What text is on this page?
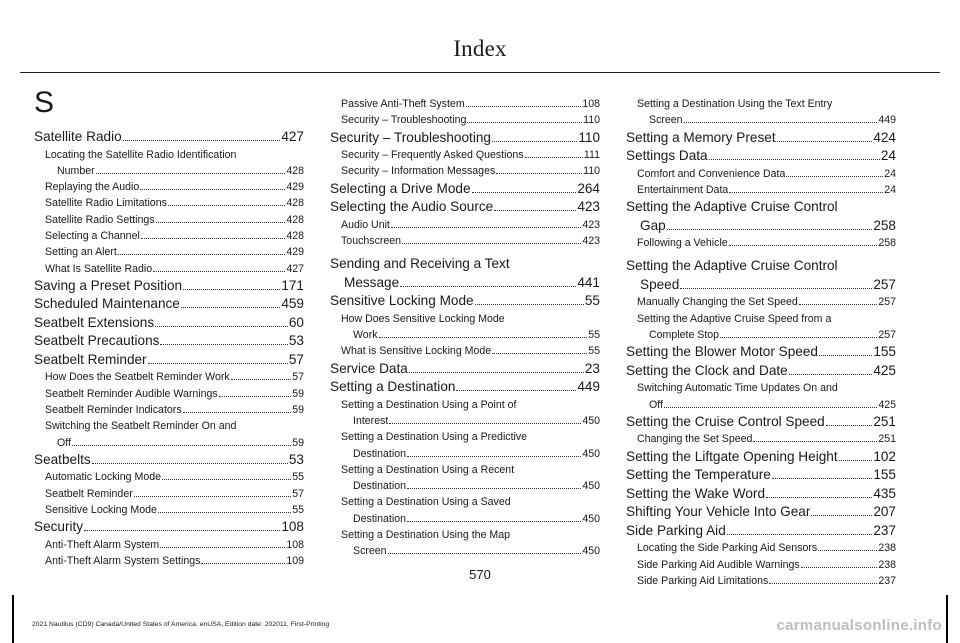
Index
S
Satellite Radio	427
Locating the Satellite Radio Identification
Number	428
Replaying the Audio	429
Satellite Radio Limitations	428
Satellite Radio Settings	428
Selecting a Channel	428
Setting an Alert	429
What Is Satellite Radio	427
Saving a Preset Position	171
Scheduled Maintenance	459
Seatbelt Extensions	60
Seatbelt Precautions	53
Seatbelt Reminder	57
How Does the Seatbelt Reminder Work	57
Seatbelt Reminder Audible Warnings	59
Seatbelt Reminder Indicators	59
Switching the Seatbelt Reminder On and
Off	59
Seatbelts	53
Automatic Locking Mode	55
Seatbelt Reminder	57
Sensitive Locking Mode	55
Security	108
Anti-Theft Alarm System	108
Anti-Theft Alarm System Settings	109
Passive Anti-Theft System	108
Security – Troubleshooting	110
Security – Troubleshooting	110
Security – Frequently Asked Questions	111
Security – Information Messages	110
Selecting a Drive Mode	264
Selecting the Audio Source	423
Audio Unit	423
Touchscreen	423
Sending and Receiving a Text
Message	441
Sensitive Locking Mode	55
How Does Sensitive Locking Mode
Work	55
What is Sensitive Locking Mode	55
Service Data	23
Setting a Destination	449
Setting a Destination Using a Point of
Interest	450
Setting a Destination Using a Predictive
Destination	450
Setting a Destination Using a Recent
Destination	450
Setting a Destination Using a Saved
Destination	450
Setting a Destination Using the Map
Screen	450
Setting a Destination Using the Text Entry
Screen	449
Setting a Memory Preset	424
Settings Data	24
Comfort and Convenience Data	24
Entertainment Data	24
Setting the Adaptive Cruise Control
Gap	258
Following a Vehicle	258
Setting the Adaptive Cruise Control
Speed	257
Manually Changing the Set Speed	257
Setting the Adaptive Cruise Speed from a
Complete Stop	257
Setting the Blower Motor Speed	155
Setting the Clock and Date	425
Switching Automatic Time Updates On and
Off	425
Setting the Cruise Control Speed	251
Changing the Set Speed	251
Setting the Liftgate Opening Height	102
Setting the Temperature	155
Setting the Wake Word	435
Shifting Your Vehicle Into Gear	207
Side Parking Aid	237
Locating the Side Parking Aid Sensors	238
Side Parking Aid Audible Warnings	238
Side Parking Aid Limitations	237
570
2021 Nautilus (CD9) Canada/United States of America, enUSA, Edition date: 202011, First-Printing	carmanualsonline.info
